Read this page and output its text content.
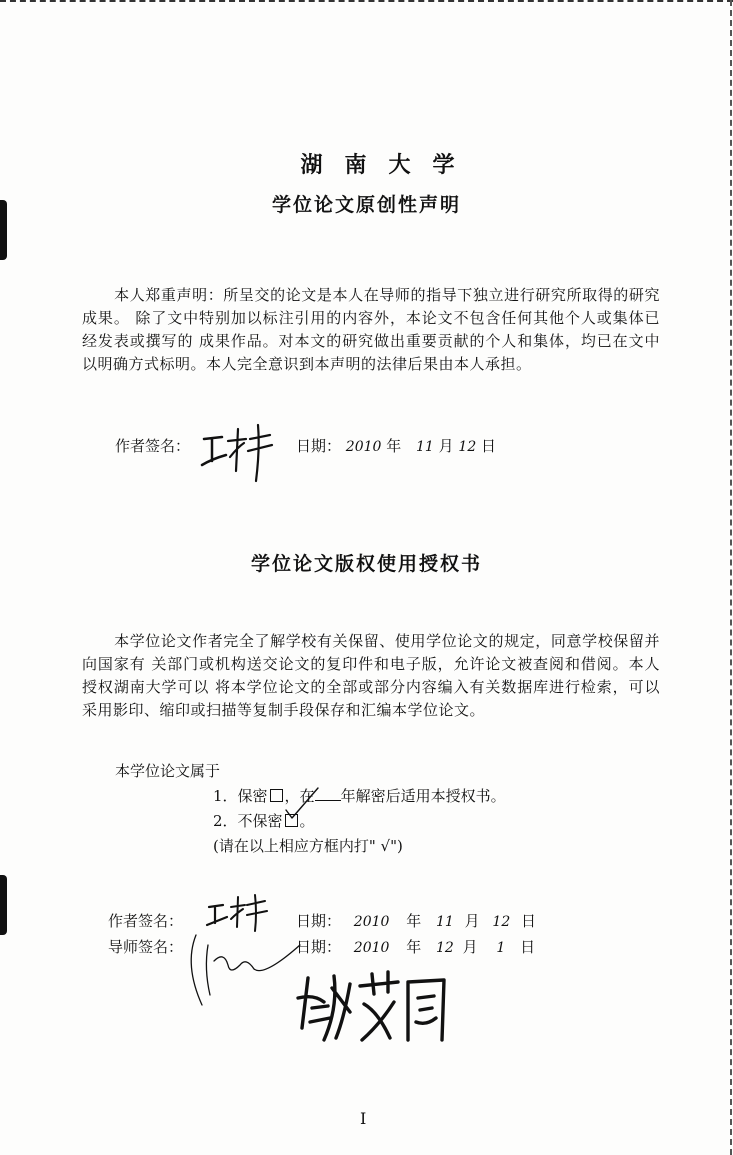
湖南大学
学位论文原创性声明
本人郑重声明：所呈交的论文是本人在导师的指导下独立进行研究所取得的研究成果。 除了文中特别加以标注引用的内容外，本论文不包含任何其他个人或集体已经发表或撰写的 成果作品。对本文的研究做出重要贡献的个人和集体，均已在文中以明确方式标明。本人完全意识到本声明的法律后果由本人承担。
作者签名：	日期： 2010 年 11 月 12 日
学位论文版权使用授权书
本学位论文作者完全了解学校有关保留、使用学位论文的规定，同意学校保留并向国家有 关部门或机构送交论文的复印件和电子版，允许论文被查阅和借阅。本人授权湖南大学可以 将本学位论文的全部或部分内容编入有关数据库进行检索，可以采用影印、缩印或扫描等复制手段保存和汇编本学位论文。
本学位论文属于
1．保密 ，在 年解密后适用本授权书。
2．不保密 。
(请在以上相应方框内打" √")
作者签名：	日期： 2010 年 11 月 12 日
导师签名：	日期： 2010 年 12 月 1 日
I
